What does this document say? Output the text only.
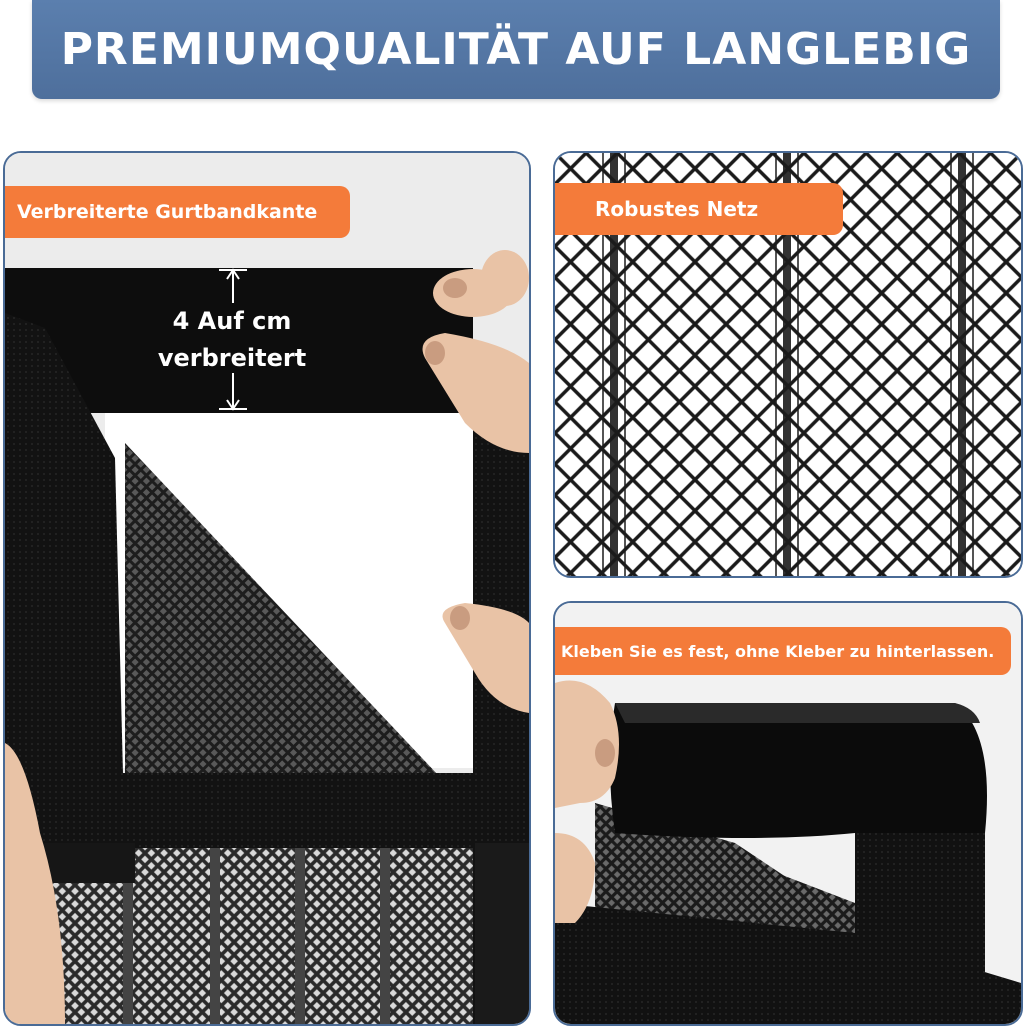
PREMIUMQUALITÄT AUF LANGLEBIG
Verbreiterte Gurtbandkante
4 Auf cm
verbreitert
Robustes Netz
Kleben Sie es fest, ohne Kleber zu hinterlassen.
